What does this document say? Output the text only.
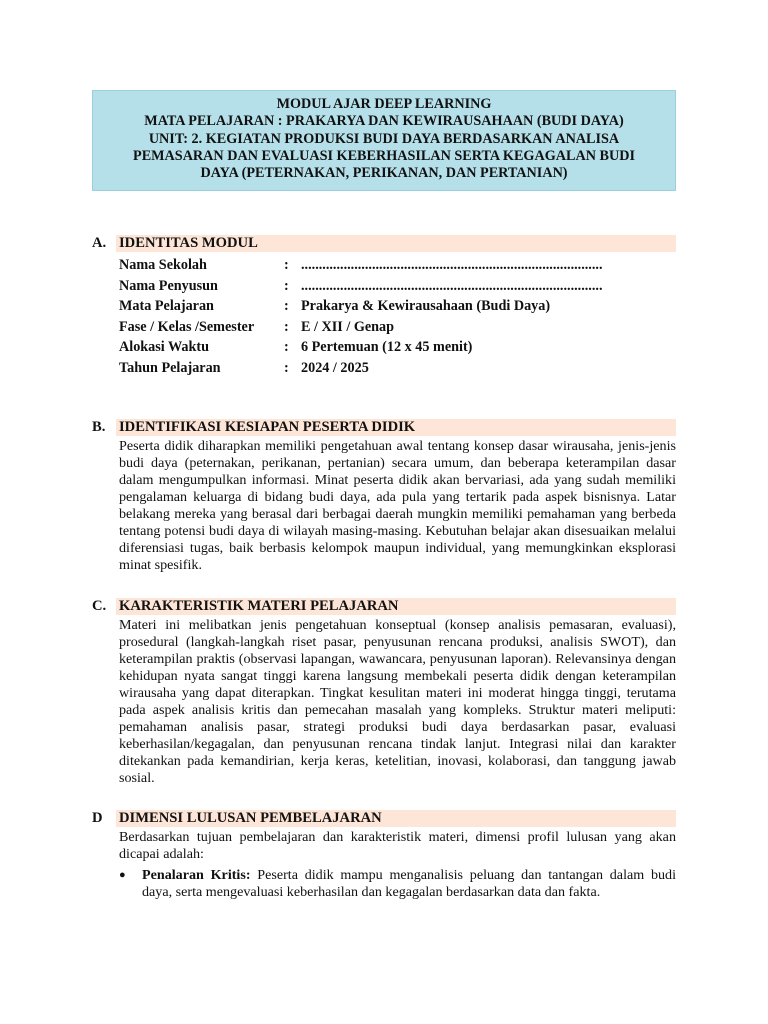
MODUL AJAR DEEP LEARNING
MATA PELAJARAN : PRAKARYA DAN KEWIRAUSAHAAN (BUDI DAYA)
UNIT: 2. KEGIATAN PRODUKSI BUDI DAYA BERDASARKAN ANALISA
PEMASARAN DAN EVALUASI KEBERHASILAN SERTA KEGAGALAN BUDI
DAYA (PETERNAKAN, PERIKANAN, DAN PERTANIAN)
A. IDENTITAS MODUL
Nama Sekolah	: .....................................................................................
Nama Penyusun	: .....................................................................................
Mata Pelajaran	: Prakarya & Kewirausahaan (Budi Daya)
Fase / Kelas /Semester : E / XII / Genap
Alokasi Waktu	: 6 Pertemuan (12 x 45 menit)
Tahun Pelajaran	: 2024 / 2025
B. IDENTIFIKASI KESIAPAN PESERTA DIDIK
Peserta didik diharapkan memiliki pengetahuan awal tentang konsep dasar wirausaha, jenis-jenis budi daya (peternakan, perikanan, pertanian) secara umum, dan beberapa keterampilan dasar dalam mengumpulkan informasi. Minat peserta didik akan bervariasi, ada yang sudah memiliki pengalaman keluarga di bidang budi daya, ada pula yang tertarik pada aspek bisnisnya. Latar belakang mereka yang berasal dari berbagai daerah mungkin memiliki pemahaman yang berbeda tentang potensi budi daya di wilayah masing-masing. Kebutuhan belajar akan disesuaikan melalui diferensiasi tugas, baik berbasis kelompok maupun individual, yang memungkinkan eksplorasi minat spesifik.
C. KARAKTERISTIK MATERI PELAJARAN
Materi ini melibatkan jenis pengetahuan konseptual (konsep analisis pemasaran, evaluasi), prosedural (langkah-langkah riset pasar, penyusunan rencana produksi, analisis SWOT), dan keterampilan praktis (observasi lapangan, wawancara, penyusunan laporan). Relevansinya dengan kehidupan nyata sangat tinggi karena langsung membekali peserta didik dengan keterampilan wirausaha yang dapat diterapkan. Tingkat kesulitan materi ini moderat hingga tinggi, terutama pada aspek analisis kritis dan pemecahan masalah yang kompleks. Struktur materi meliputi: pemahaman analisis pasar, strategi produksi budi daya berdasarkan pasar, evaluasi keberhasilan/kegagalan, dan penyusunan rencana tindak lanjut. Integrasi nilai dan karakter ditekankan pada kemandirian, kerja keras, ketelitian, inovasi, kolaborasi, dan tanggung jawab sosial.
D DIMENSI LULUSAN PEMBELAJARAN
Berdasarkan tujuan pembelajaran dan karakteristik materi, dimensi profil lulusan yang akan dicapai adalah:
● Penalaran Kritis: Peserta didik mampu menganalisis peluang dan tantangan dalam budi daya, serta mengevaluasi keberhasilan dan kegagalan berdasarkan data dan fakta.
